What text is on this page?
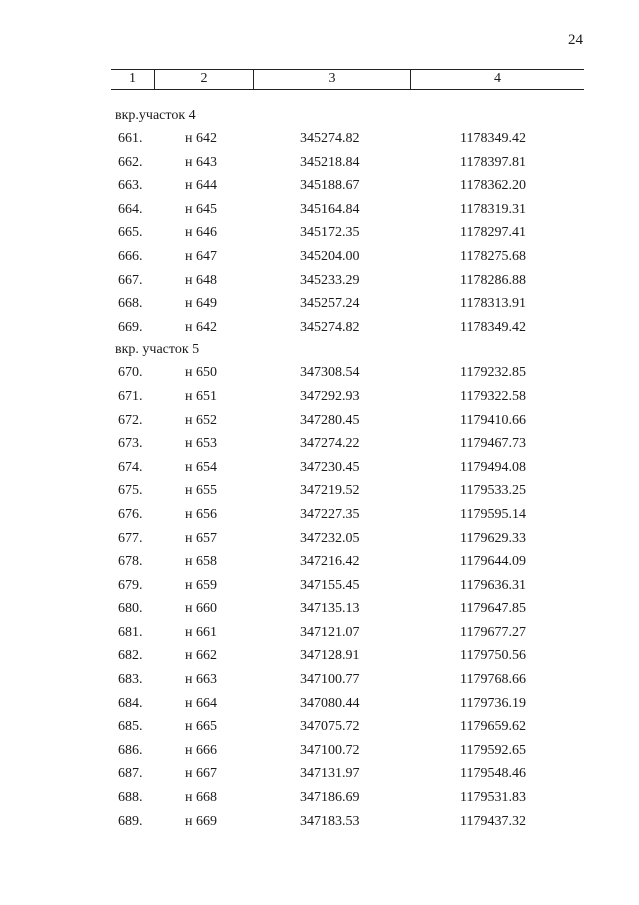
24
1	2	3	4
вкр.участок 4
661.	н 642	345274.82	1178349.42
662.	н 643	345218.84	1178397.81
663.	н 644	345188.67	1178362.20
664.	н 645	345164.84	1178319.31
665.	н 646	345172.35	1178297.41
666.	н 647	345204.00	1178275.68
667.	н 648	345233.29	1178286.88
668.	н 649	345257.24	1178313.91
669.	н 642	345274.82	1178349.42
вкр. участок 5
670.	н 650	347308.54	1179232.85
671.	н 651	347292.93	1179322.58
672.	н 652	347280.45	1179410.66
673.	н 653	347274.22	1179467.73
674.	н 654	347230.45	1179494.08
675.	н 655	347219.52	1179533.25
676.	н 656	347227.35	1179595.14
677.	н 657	347232.05	1179629.33
678.	н 658	347216.42	1179644.09
679.	н 659	347155.45	1179636.31
680.	н 660	347135.13	1179647.85
681.	н 661	347121.07	1179677.27
682.	н 662	347128.91	1179750.56
683.	н 663	347100.77	1179768.66
684.	н 664	347080.44	1179736.19
685.	н 665	347075.72	1179659.62
686.	н 666	347100.72	1179592.65
687.	н 667	347131.97	1179548.46
688.	н 668	347186.69	1179531.83
689.	н 669	347183.53	1179437.32
